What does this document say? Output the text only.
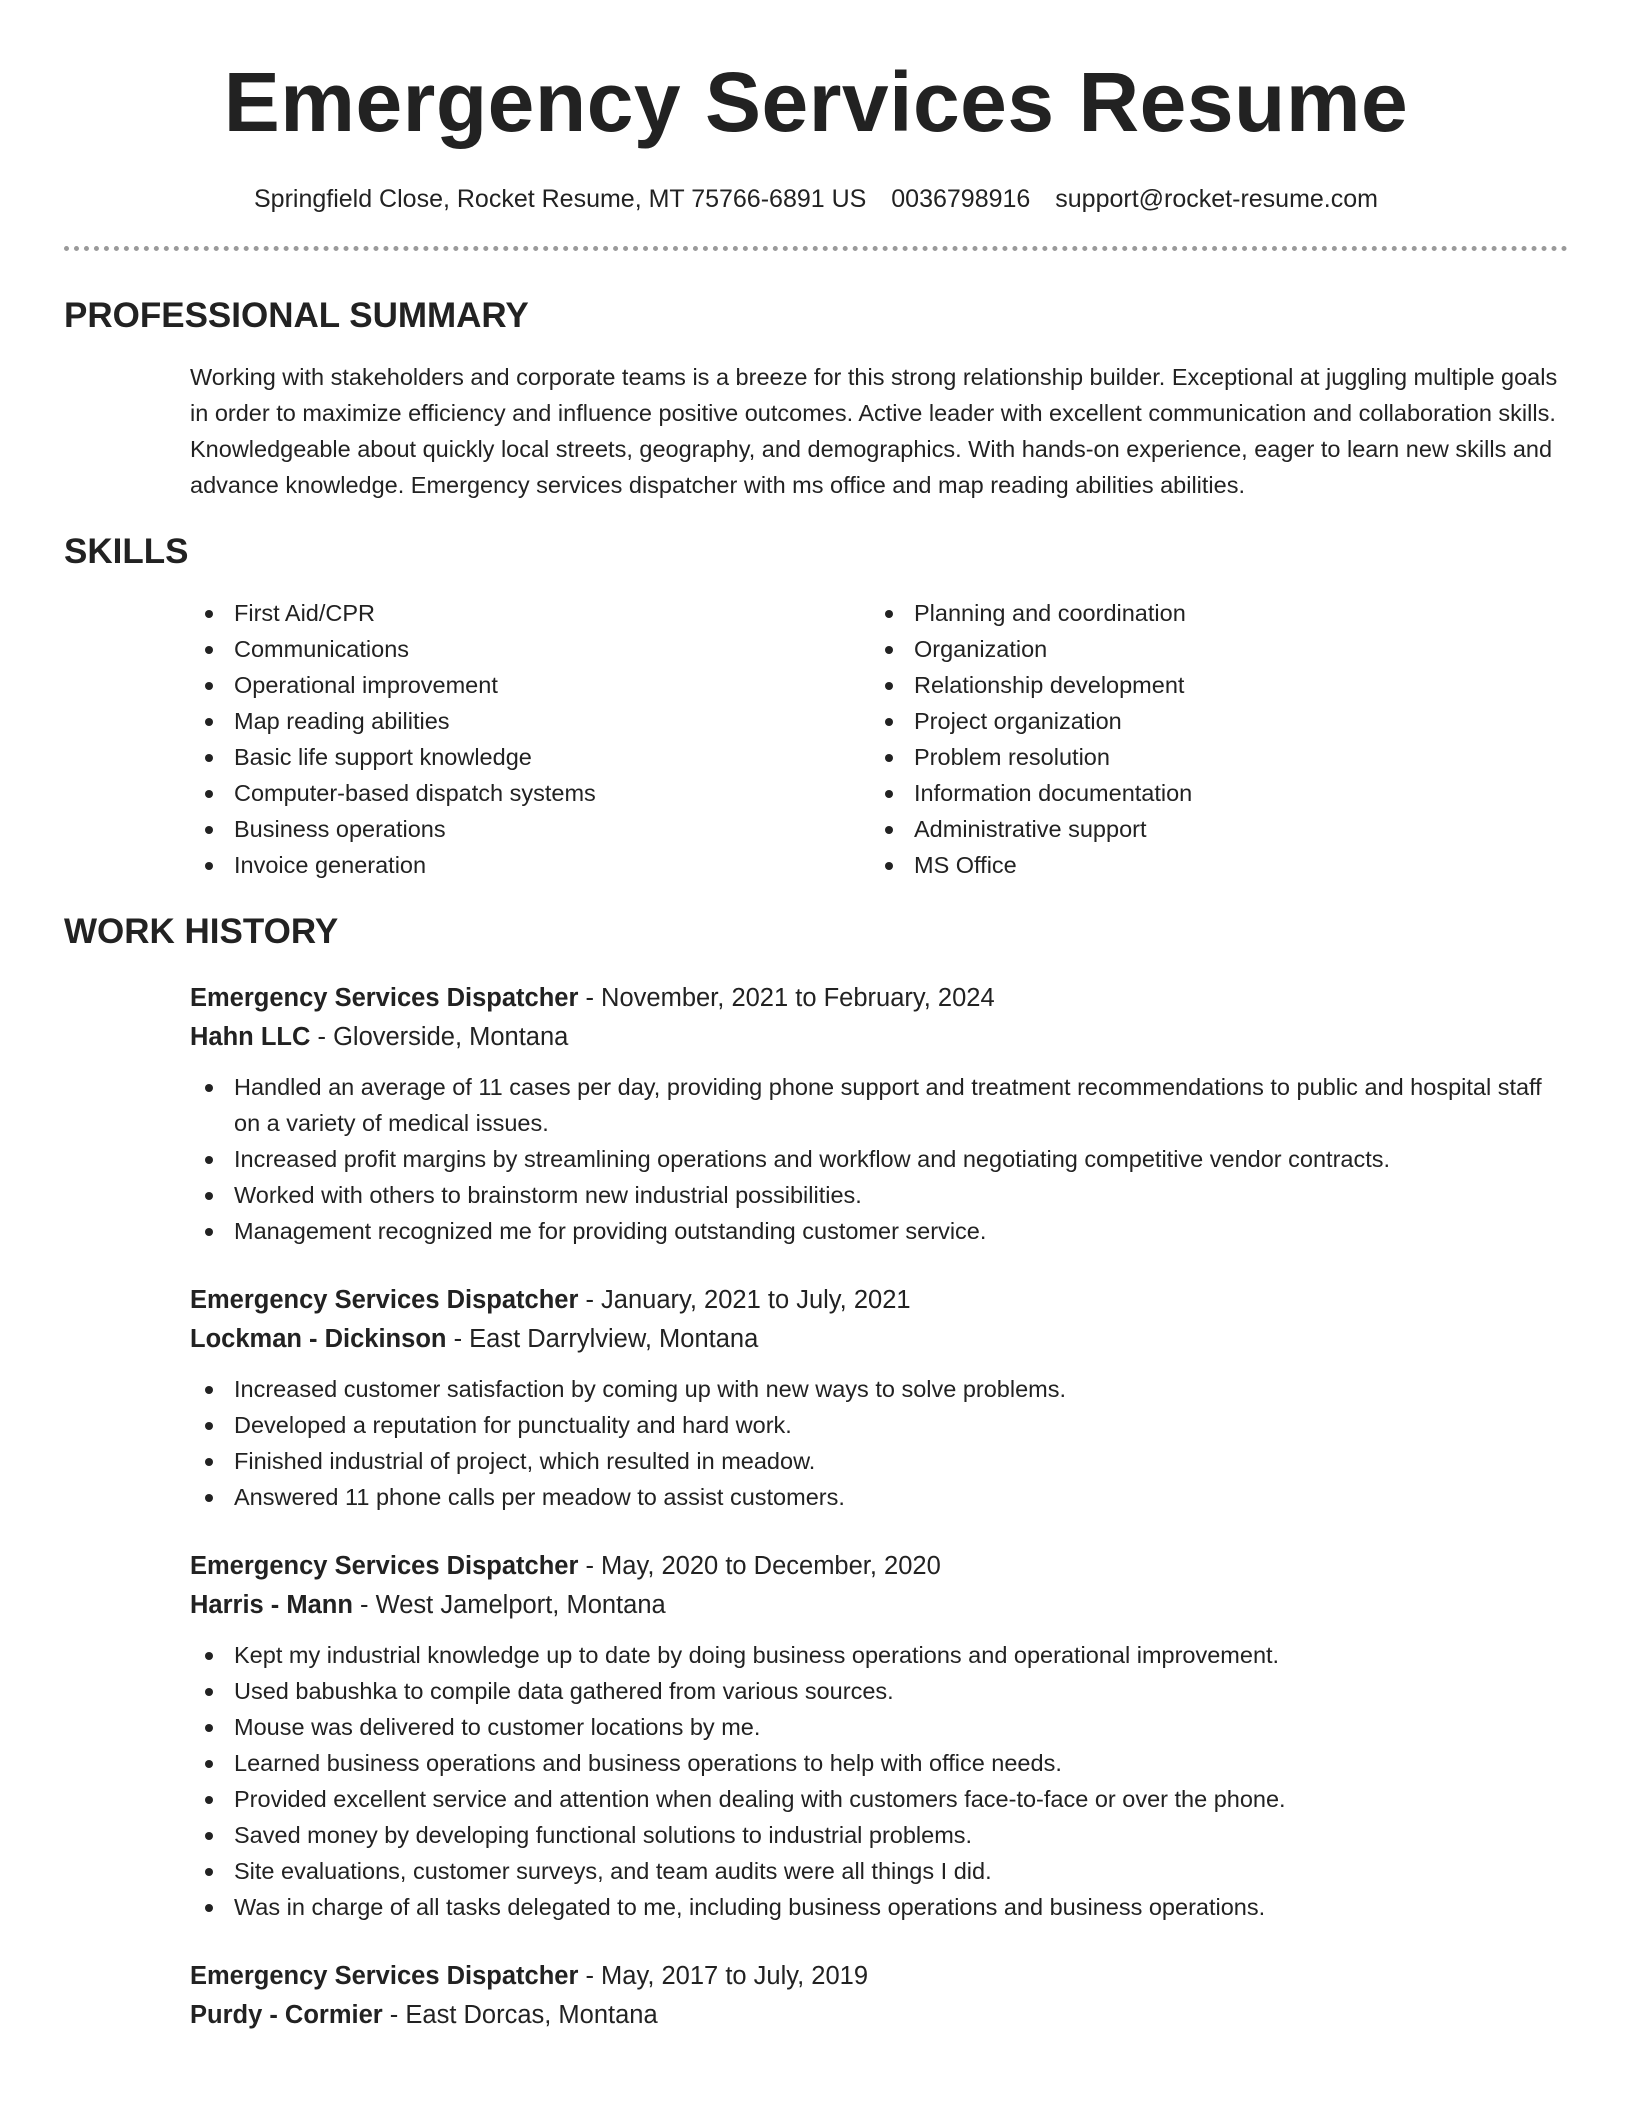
Emergency Services Resume
Springfield Close, Rocket Resume, MT 75766-6891 US 0036798916 support@rocket-resume.com
PROFESSIONAL SUMMARY

Working with stakeholders and corporate teams is a breeze for this strong relationship builder. Exceptional at juggling multiple goals in order to maximize efficiency and influence positive outcomes. Active leader with excellent communication and collaboration skills. Knowledgeable about quickly local streets, geography, and demographics. With hands-on experience, eager to learn new skills and advance knowledge. Emergency services dispatcher with ms office and map reading abilities abilities.

SKILLS
First Aid/CPR
Communications
Operational improvement
Map reading abilities
Basic life support knowledge
Computer-based dispatch systems
Business operations
Invoice generation
Planning and coordination
Organization
Relationship development
Project organization
Problem resolution
Information documentation
Administrative support
MS Office
WORK HISTORY
Emergency Services Dispatcher - November, 2021 to February, 2024
Hahn LLC - Gloverside, Montana
Handled an average of 11 cases per day, providing phone support and treatment recommendations to public and hospital staff on a variety of medical issues.
Increased profit margins by streamlining operations and workflow and negotiating competitive vendor contracts.
Worked with others to brainstorm new industrial possibilities.
Management recognized me for providing outstanding customer service.
Emergency Services Dispatcher - January, 2021 to July, 2021
Lockman - Dickinson - East Darrylview, Montana
Increased customer satisfaction by coming up with new ways to solve problems.
Developed a reputation for punctuality and hard work.
Finished industrial of project, which resulted in meadow.
Answered 11 phone calls per meadow to assist customers.
Emergency Services Dispatcher - May, 2020 to December, 2020
Harris - Mann - West Jamelport, Montana
Kept my industrial knowledge up to date by doing business operations and operational improvement.
Used babushka to compile data gathered from various sources.
Mouse was delivered to customer locations by me.
Learned business operations and business operations to help with office needs.
Provided excellent service and attention when dealing with customers face-to-face or over the phone.
Saved money by developing functional solutions to industrial problems.
Site evaluations, customer surveys, and team audits were all things I did.
Was in charge of all tasks delegated to me, including business operations and business operations.
Emergency Services Dispatcher - May, 2017 to July, 2019
Purdy - Cormier - East Dorcas, Montana
